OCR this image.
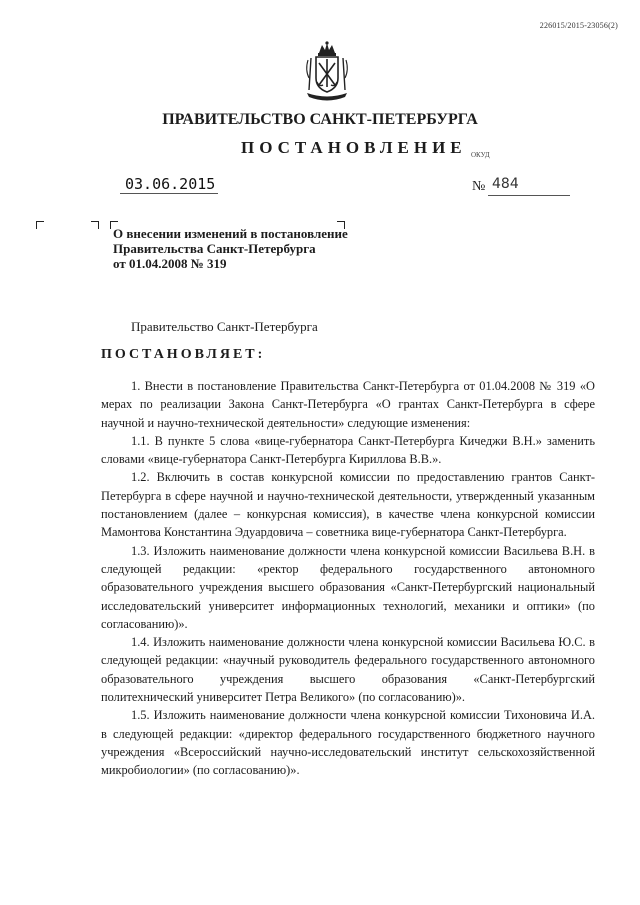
226015/2015-23056(2)
ПРАВИТЕЛЬСТВО САНКТ-ПЕТЕРБУРГА
ПОСТАНОВЛЕНИЕ ОКУД
03.06.2015	№ 484
О внесении изменений в постановление
Правительства Санкт-Петербурга
от 01.04.2008 № 319
Правительство Санкт-Петербурга
ПОСТАНОВЛЯЕТ:

1. Внести в постановление Правительства Санкт-Петербурга от 01.04.2008 № 319 «О мерах по реализации Закона Санкт-Петербурга «О грантах Санкт-Петербурга в сфере научной и научно-технической деятельности» следующие изменения:

1.1. В пункте 5 слова «вице-губернатора Санкт-Петербурга Кичеджи В.Н.» заменить словами «вице-губернатора Санкт-Петербурга Кириллова В.В.».

1.2. Включить в состав конкурсной комиссии по предоставлению грантов Санкт-Петербурга в сфере научной и научно-технической деятельности, утвержденный указанным постановлением (далее – конкурсная комиссия), в качестве члена конкурсной комиссии Мамонтова Константина Эдуардовича – советника вице-губернатора Санкт-Петербурга.

1.3. Изложить наименование должности члена конкурсной комиссии Васильева В.Н. в следующей редакции: «ректор федерального государственного автономного образовательного учреждения высшего образования «Санкт-Петербургский национальный исследовательский университет информационных технологий, механики и оптики» (по согласованию)».

1.4. Изложить наименование должности члена конкурсной комиссии Васильева Ю.С. в следующей редакции: «научный руководитель федерального государственного автономного образовательного учреждения высшего образования «Санкт-Петербургский политехнический университет Петра Великого» (по согласованию)».

1.5. Изложить наименование должности члена конкурсной комиссии Тихоновича И.А. в следующей редакции: «директор федерального государственного бюджетного научного учреждения «Всероссийский научно-исследовательский институт сельскохозяйственной микробиологии» (по согласованию)».
